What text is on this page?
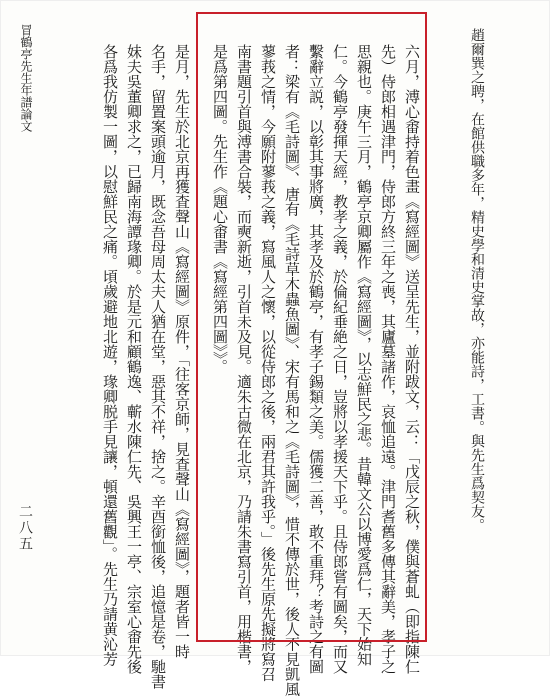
趙爾巽之聘，在館供職多年，精史學和清史掌故，亦能詩，工書。與先生爲契友。
六月，溥心畬持着色畫《寫經圖》送呈先生，並附跋文，云：「戊辰之秋，僕與蒼虬（即指陳仁
先）侍郎相遇津門，侍郎方終三年之喪，其廬墓諸作，哀恤追遠。津門耆舊多傳其辭美，孝子之
思親也。庚午三月，鶴亭京卿屬作《寫經圖》，以志鮮民之悲。昔韓文公以博愛爲仁，天下始知
仁。今鶴亭發揮天經，教孝之義，於倫紀垂絶之日，豈將以孝援天下乎。且侍郎嘗有圖矣，而又
繫辭立説，以彰其事將廣，其孝及於鶴亭，有孝子錫類之美。儒獲二善，敢不重拜？考詩之有圖
者：梁有《毛詩圖》、唐有《毛詩草木蟲魚圖》、宋有馬和之《毛詩圖》，惜不傳於世，後人不見凱風
蓼莪之情，今願附蓼莪之義，寫風人之懷，以從侍郎之後，兩君其許我乎。」後先生原先擬將寫召
南書題引首與溥書合裝，而奭新逝，引首未及見。適朱古微在北京，乃請朱書寫引首，用楷書，
是爲第四圖。先生作《題心畬書《寫經第四圖》》。
是月，先生於北京再獲査聲山《寫經圖》原件，「往客京師，見査聲山《寫經圖》，題者皆一時
名手，留置案頭逾月，既念吾母周太夫人猶在堂，惡其不祥，捨之。辛酉銜恤後，追憶是卷，馳書
妹夫吳董卿求之，已歸南海譚瑑卿。於是元和顧鶴逸、蘄水陳仁先、吳興王一亭、宗室心畬先後
各爲我仿製一圖，以慰鮮民之痛。頃歲避地北遊，瑑卿脱手見讓，頓還舊觀」。先生乃請黄沁芳
冒鶴亭先生年譜論文
二八五
